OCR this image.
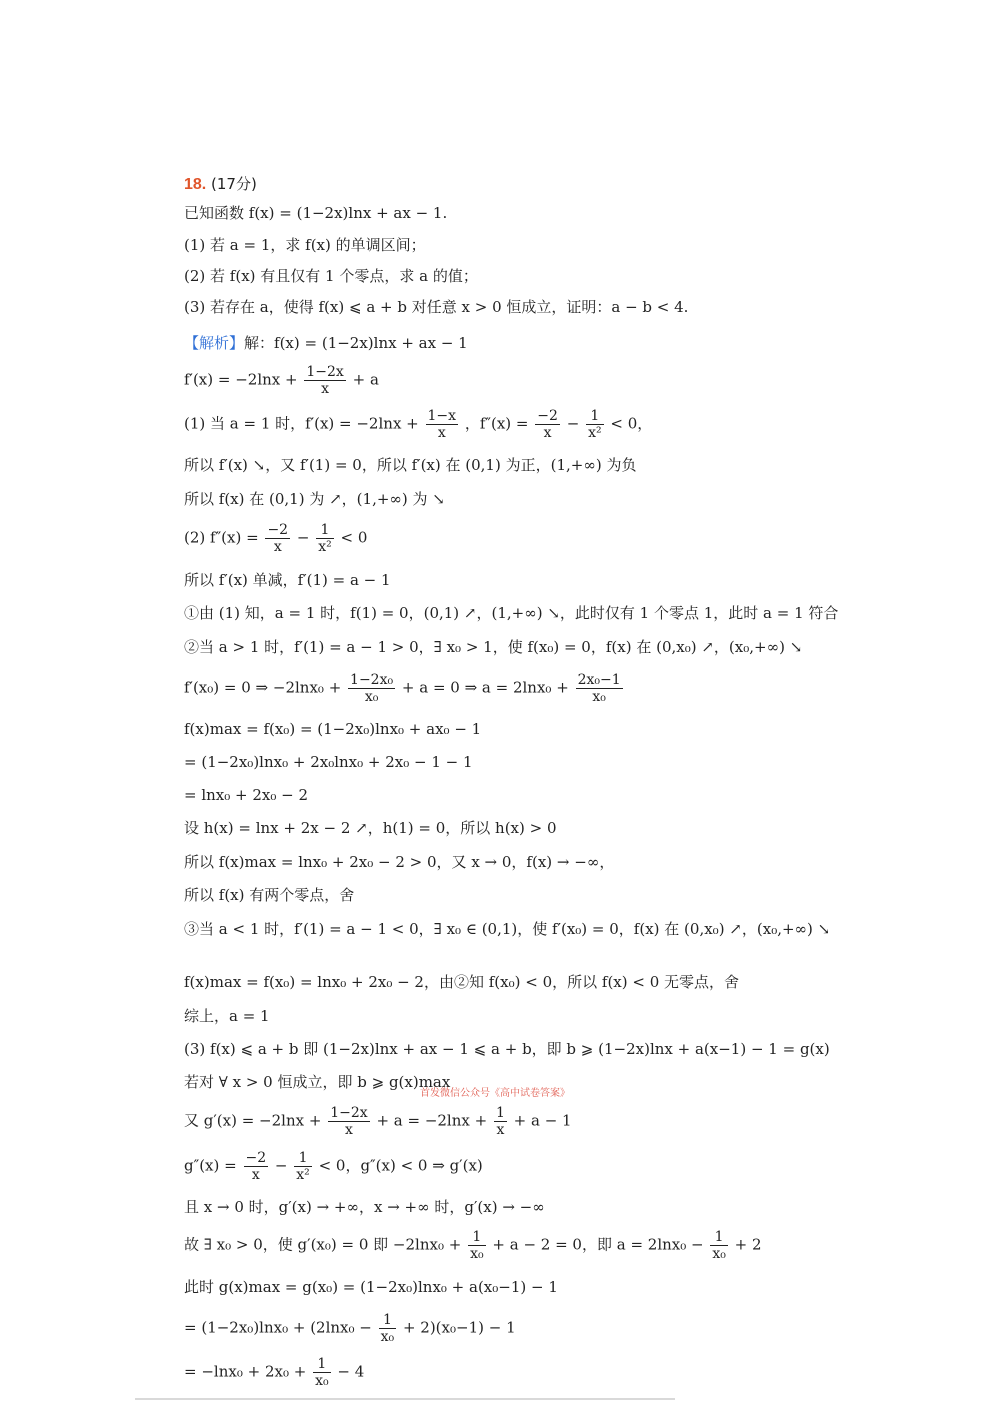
18. (17分)
已知函数 f(x) = (1−2x)lnx + ax − 1.
(1) 若 a = 1，求 f(x) 的单调区间；
(2) 若 f(x) 有且仅有 1 个零点，求 a 的值；
(3) 若存在 a，使得 f(x) ⩽ a + b 对任意 x > 0 恒成立，证明：a − b < 4.
【解析】解：f(x) = (1−2x)lnx + ax − 1
$f'(x) = -2\ln x + \frac{1-2x}{x} + a$
(1) 当 a = 1 时，$f'(x) = -2\ln x + \frac{1-x}{x}$ ，$f''(x) = \frac{-2}{x} - \frac{1}{\text{x²}} < 0$，
所以 f′(x) ↘，又 f′(1) = 0，所以 f′(x) 在 (0,1) 为正，(1,+∞) 为负
所以 f(x) 在 (0,1) 为 ↗，(1,+∞) 为 ↘
(2) $f''(x) = \frac{-2}{x} - \frac{1}{\text{x²}} < 0$
所以 f′(x) 单减，f′(1) = a − 1
①由 (1) 知，a = 1 时，f(1) = 0，(0,1) ↗，(1,+∞) ↘，此时仅有 1 个零点 1，此时 a = 1 符合
②当 a > 1 时，f′(1) = a − 1 > 0，∃ x₀ > 1，使 f(x₀) = 0，f(x) 在 (0,x₀) ↗，(x₀,+∞) ↘
f′(x₀) = 0 ⇒ $-2\ln x_0 + \frac{\text{1−2x₀}}{\text{x₀}} + a = 0$ ⇒ $a = 2\ln x_0 + \frac{\text{2x₀−1}}{\text{x₀}}$
f(x)max = f(x₀) = (1−2x₀)lnx₀ + ax₀ − 1
= (1−2x₀)lnx₀ + 2x₀lnx₀ + 2x₀ − 1 − 1
= lnx₀ + 2x₀ − 2
设 h(x) = lnx + 2x − 2 ↗，h(1) = 0，所以 h(x) > 0
所以 f(x)max = lnx₀ + 2x₀ − 2 > 0，又 x → 0，f(x) → −∞，
所以 f(x) 有两个零点，舍
③当 a < 1 时，f′(1) = a − 1 < 0，∃ x₀ ∈ (0,1)，使 f′(x₀) = 0，f(x) 在 (0,x₀) ↗，(x₀,+∞) ↘
f(x)max = f(x₀) = lnx₀ + 2x₀ − 2，由②知 f(x₀) < 0，所以 f(x) < 0 无零点，舍
综上，a = 1
(3) f(x) ⩽ a + b 即 (1−2x)lnx + ax − 1 ⩽ a + b，即 b ⩾ (1−2x)lnx + a(x−1) − 1 = g(x)
若对 ∀ x > 0 恒成立，即 b ⩾ g(x)max
首发微信公众号《高中试卷答案》
又 $g'(x) = -2\ln x + \frac{1-2x}{x} + a = -2\ln x + \frac{1}{x} + a - 1$
$g''(x) = \frac{-2}{x} - \frac{1}{\text{x²}} < 0$，g″(x) < 0 ⇒ g′(x)
且 x → 0 时，g′(x) → +∞，x → +∞ 时，g′(x) → −∞
故 ∃ x₀ > 0，使 g′(x₀) = 0 即 $-2\ln x_0 + \frac{1}{\text{x₀}} + a - 2 = 0$，即 $a = 2\ln x_0 - \frac{1}{\text{x₀}} + 2$
此时 g(x)max = g(x₀) = (1−2x₀)lnx₀ + a(x₀−1) − 1
= $(1-2x_0)\ln x_0 + (2\ln x_0 - \frac{1}{\text{x₀}} + 2)(x_0-1) - 1$
= $-\ln x_0 + 2x_0 + \frac{1}{\text{x₀}} - 4$
